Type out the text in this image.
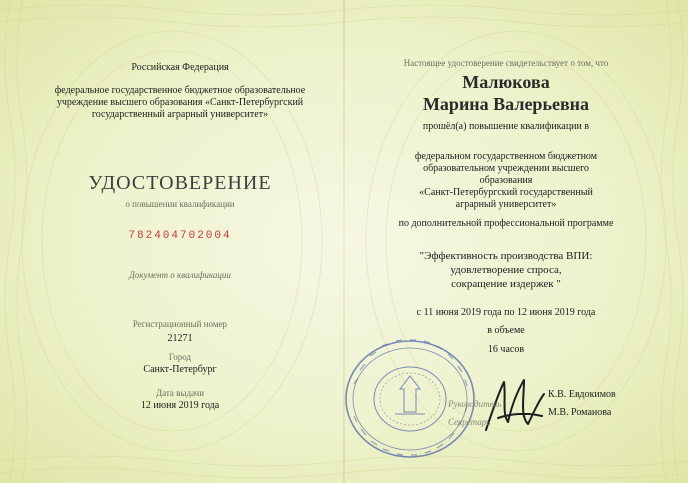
Российская Федерация
федеральное государственное бюджетное образовательное
учреждение высшего образования «Санкт-Петербургский
государственный аграрный университет»
УДОСТОВЕРЕНИЕ
о повышении квалификации
782404702004
Документ о квалификации
Регистрационный номер
21271
Город
Санкт-Петербург
Дата выдачи
12 июня 2019 года
Настоящее удостоверение свидетельствует о том, что
Малюкова
Марина Валерьевна
прошёл(а) повышение квалификации в
федеральном государственном бюджетном
образовательном учреждении высшего
образования
«Санкт-Петербургский государственный
аграрный университет»
по дополнительной профессиональной программе
"Эффективность производства ВПИ:
удовлетворение спроса,
сокращение издержек "
с 11 июня 2019 года по 12 июня 2019 года
в объеме
16 часов
Руководитель
К.В. Евдокимов
Секретарь
М.В. Романова
